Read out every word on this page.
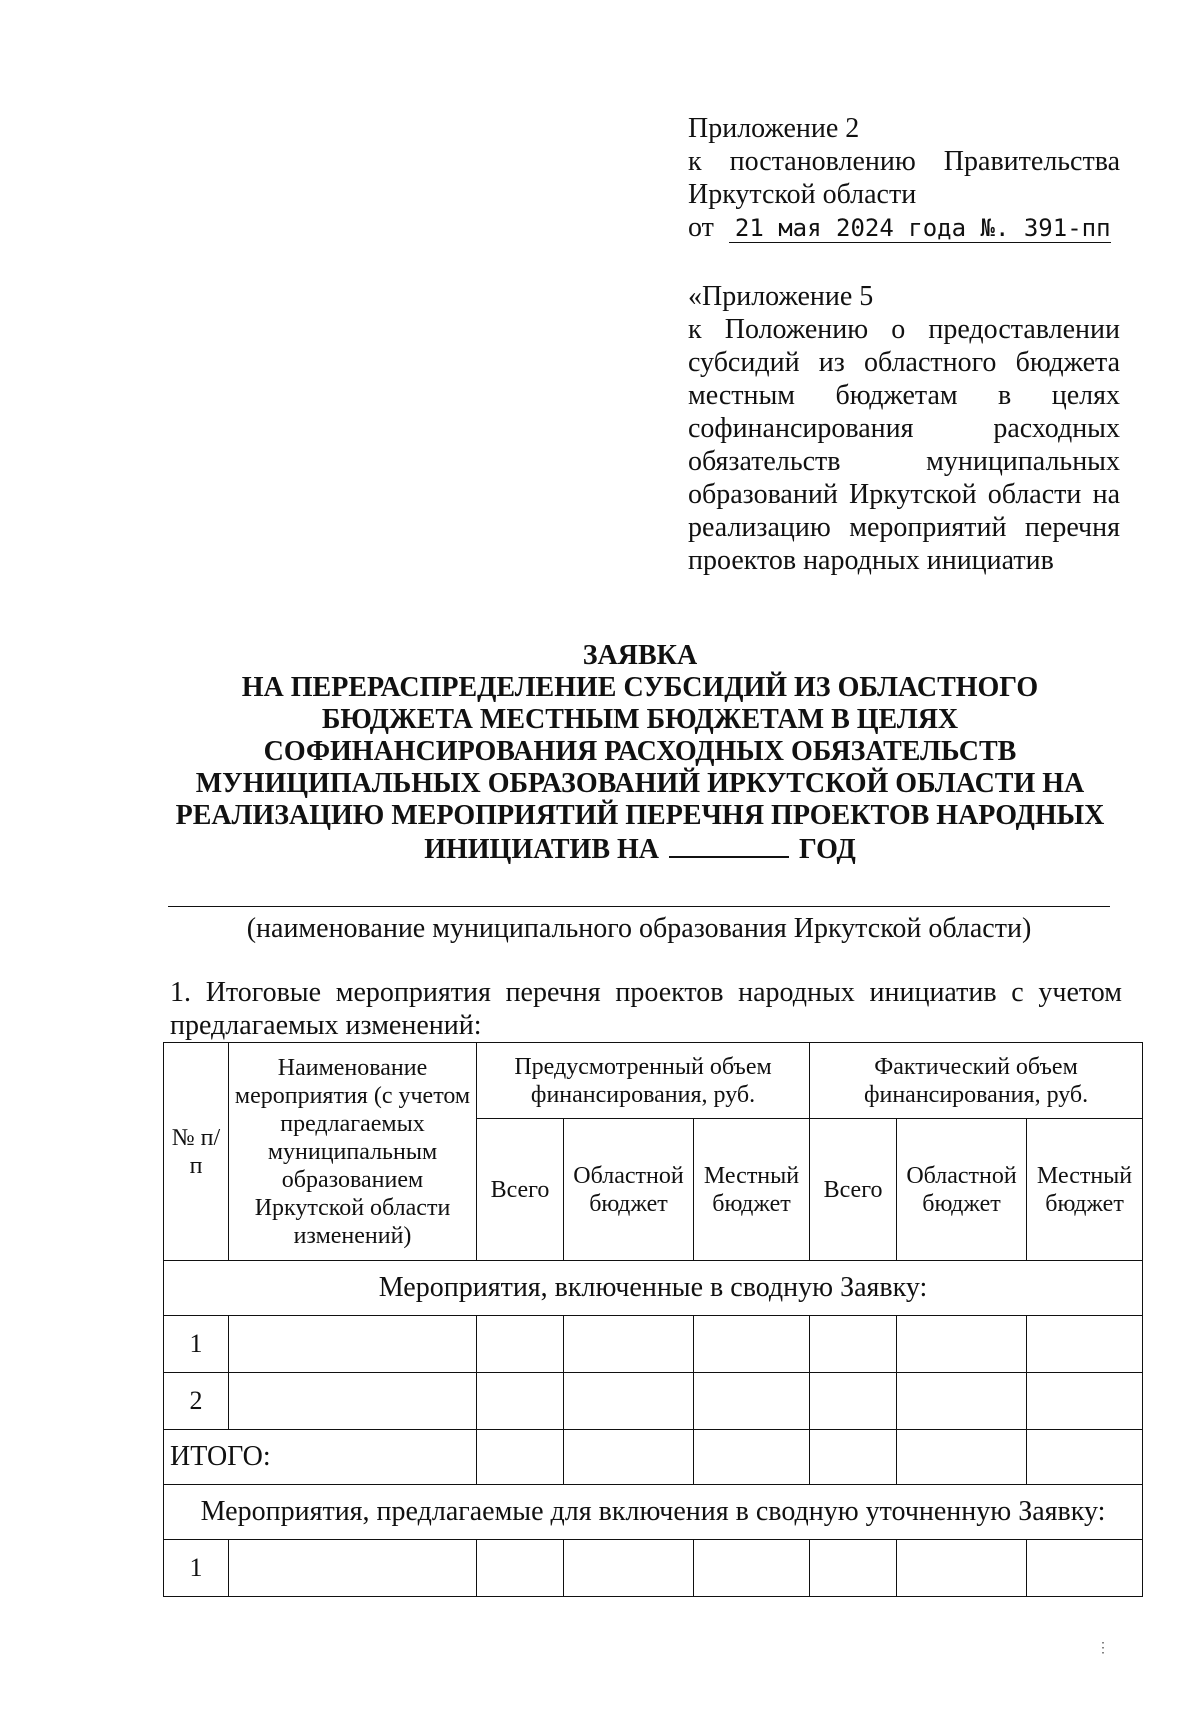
Приложение 2
к постановлению Правительства
Иркутской области
от 21 мая 2024 года №. 391-пп
«Приложение 5
к Положению о предоставлении
субсидий из областного бюджета
местным бюджетам в целях
софинансирования расходных
обязательств муниципальных
образований Иркутской области на
реализацию мероприятий перечня
проектов народных инициатив
ЗАЯВКА
НА ПЕРЕРАСПРЕДЕЛЕНИЕ СУБСИДИЙ ИЗ ОБЛАСТНОГО
БЮДЖЕТА МЕСТНЫМ БЮДЖЕТАМ В ЦЕЛЯХ
СОФИНАНСИРОВАНИЯ РАСХОДНЫХ ОБЯЗАТЕЛЬСТВ
МУНИЦИПАЛЬНЫХ ОБРАЗОВАНИЙ ИРКУТСКОЙ ОБЛАСТИ НА
РЕАЛИЗАЦИЮ МЕРОПРИЯТИЙ ПЕРЕЧНЯ ПРОЕКТОВ НАРОДНЫХ
ИНИЦИАТИВ НА	ГОД
(наименование муниципального образования Иркутской области)
1. Итоговые мероприятия перечня проектов народных инициатив с учетом
предлагаемых изменений:
№ п/п	Наименование мероприятия (с учетом предлагаемых муниципальным образованием Иркутской области изменений)	Предусмотренный объем финансирования, руб.			Фактический объем финансирования, руб.		
		Всего	Областной бюджет	Местный бюджет	Всего	Областной бюджет	Местный бюджет
Мероприятия, включенные в сводную Заявку:							
1							
2							
ИТОГО:							
Мероприятия, предлагаемые для включения в сводную уточненную Заявку:							
1							
⋮
